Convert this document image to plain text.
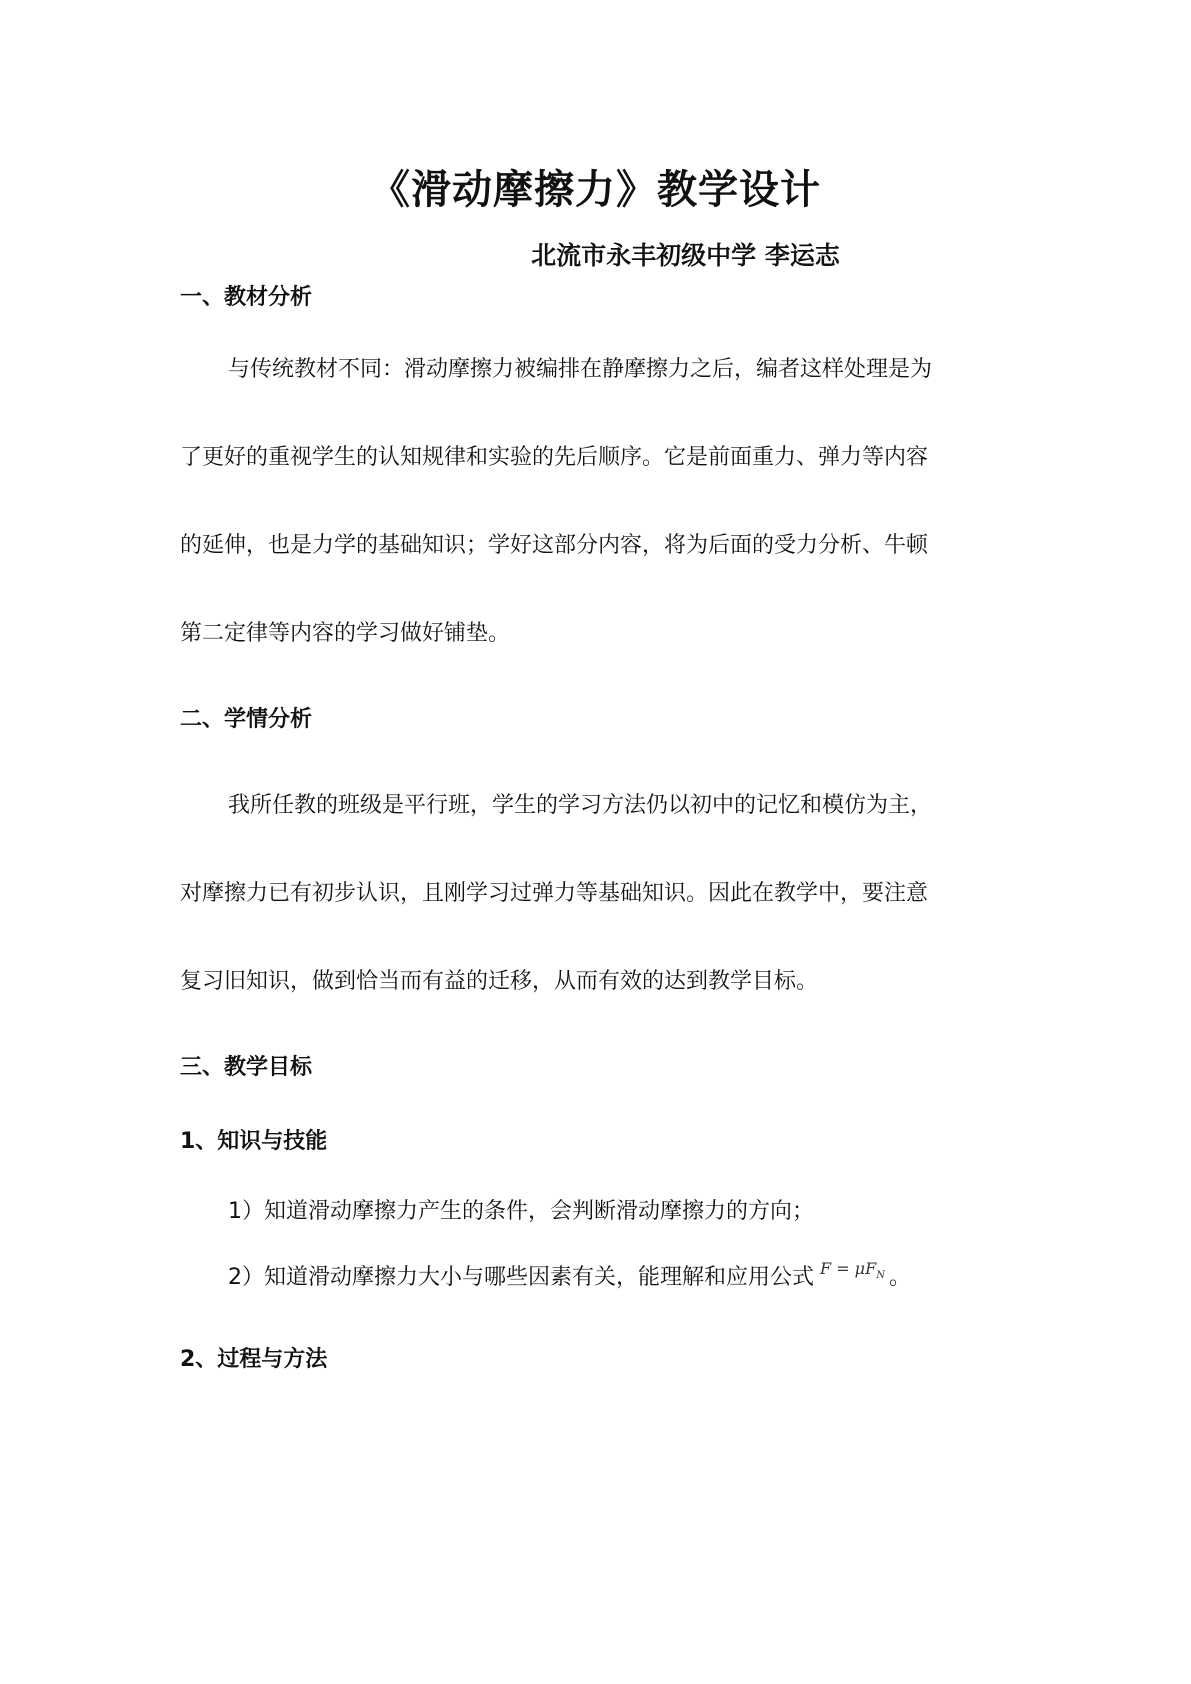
《滑动摩擦力》教学设计
北流市永丰初级中学 李运志
一、教材分析
与传统教材不同：滑动摩擦力被编排在静摩擦力之后，编者这样处理是为
了更好的重视学生的认知规律和实验的先后顺序。它是前面重力、弹力等内容
的延伸，也是力学的基础知识；学好这部分内容，将为后面的受力分析、牛顿
第二定律等内容的学习做好铺垫。
二、学情分析
我所任教的班级是平行班，学生的学习方法仍以初中的记忆和模仿为主，
对摩擦力已有初步认识，且刚学习过弹力等基础知识。因此在教学中，要注意
复习旧知识，做到恰当而有益的迁移，从而有效的达到教学目标。
三、教学目标
1、知识与技能
1）知道滑动摩擦力产生的条件，会判断滑动摩擦力的方向；
2）知道滑动摩擦力大小与哪些因素有关，能理解和应用公式 $^{F = \mu F_N}$ 。
2、过程与方法
